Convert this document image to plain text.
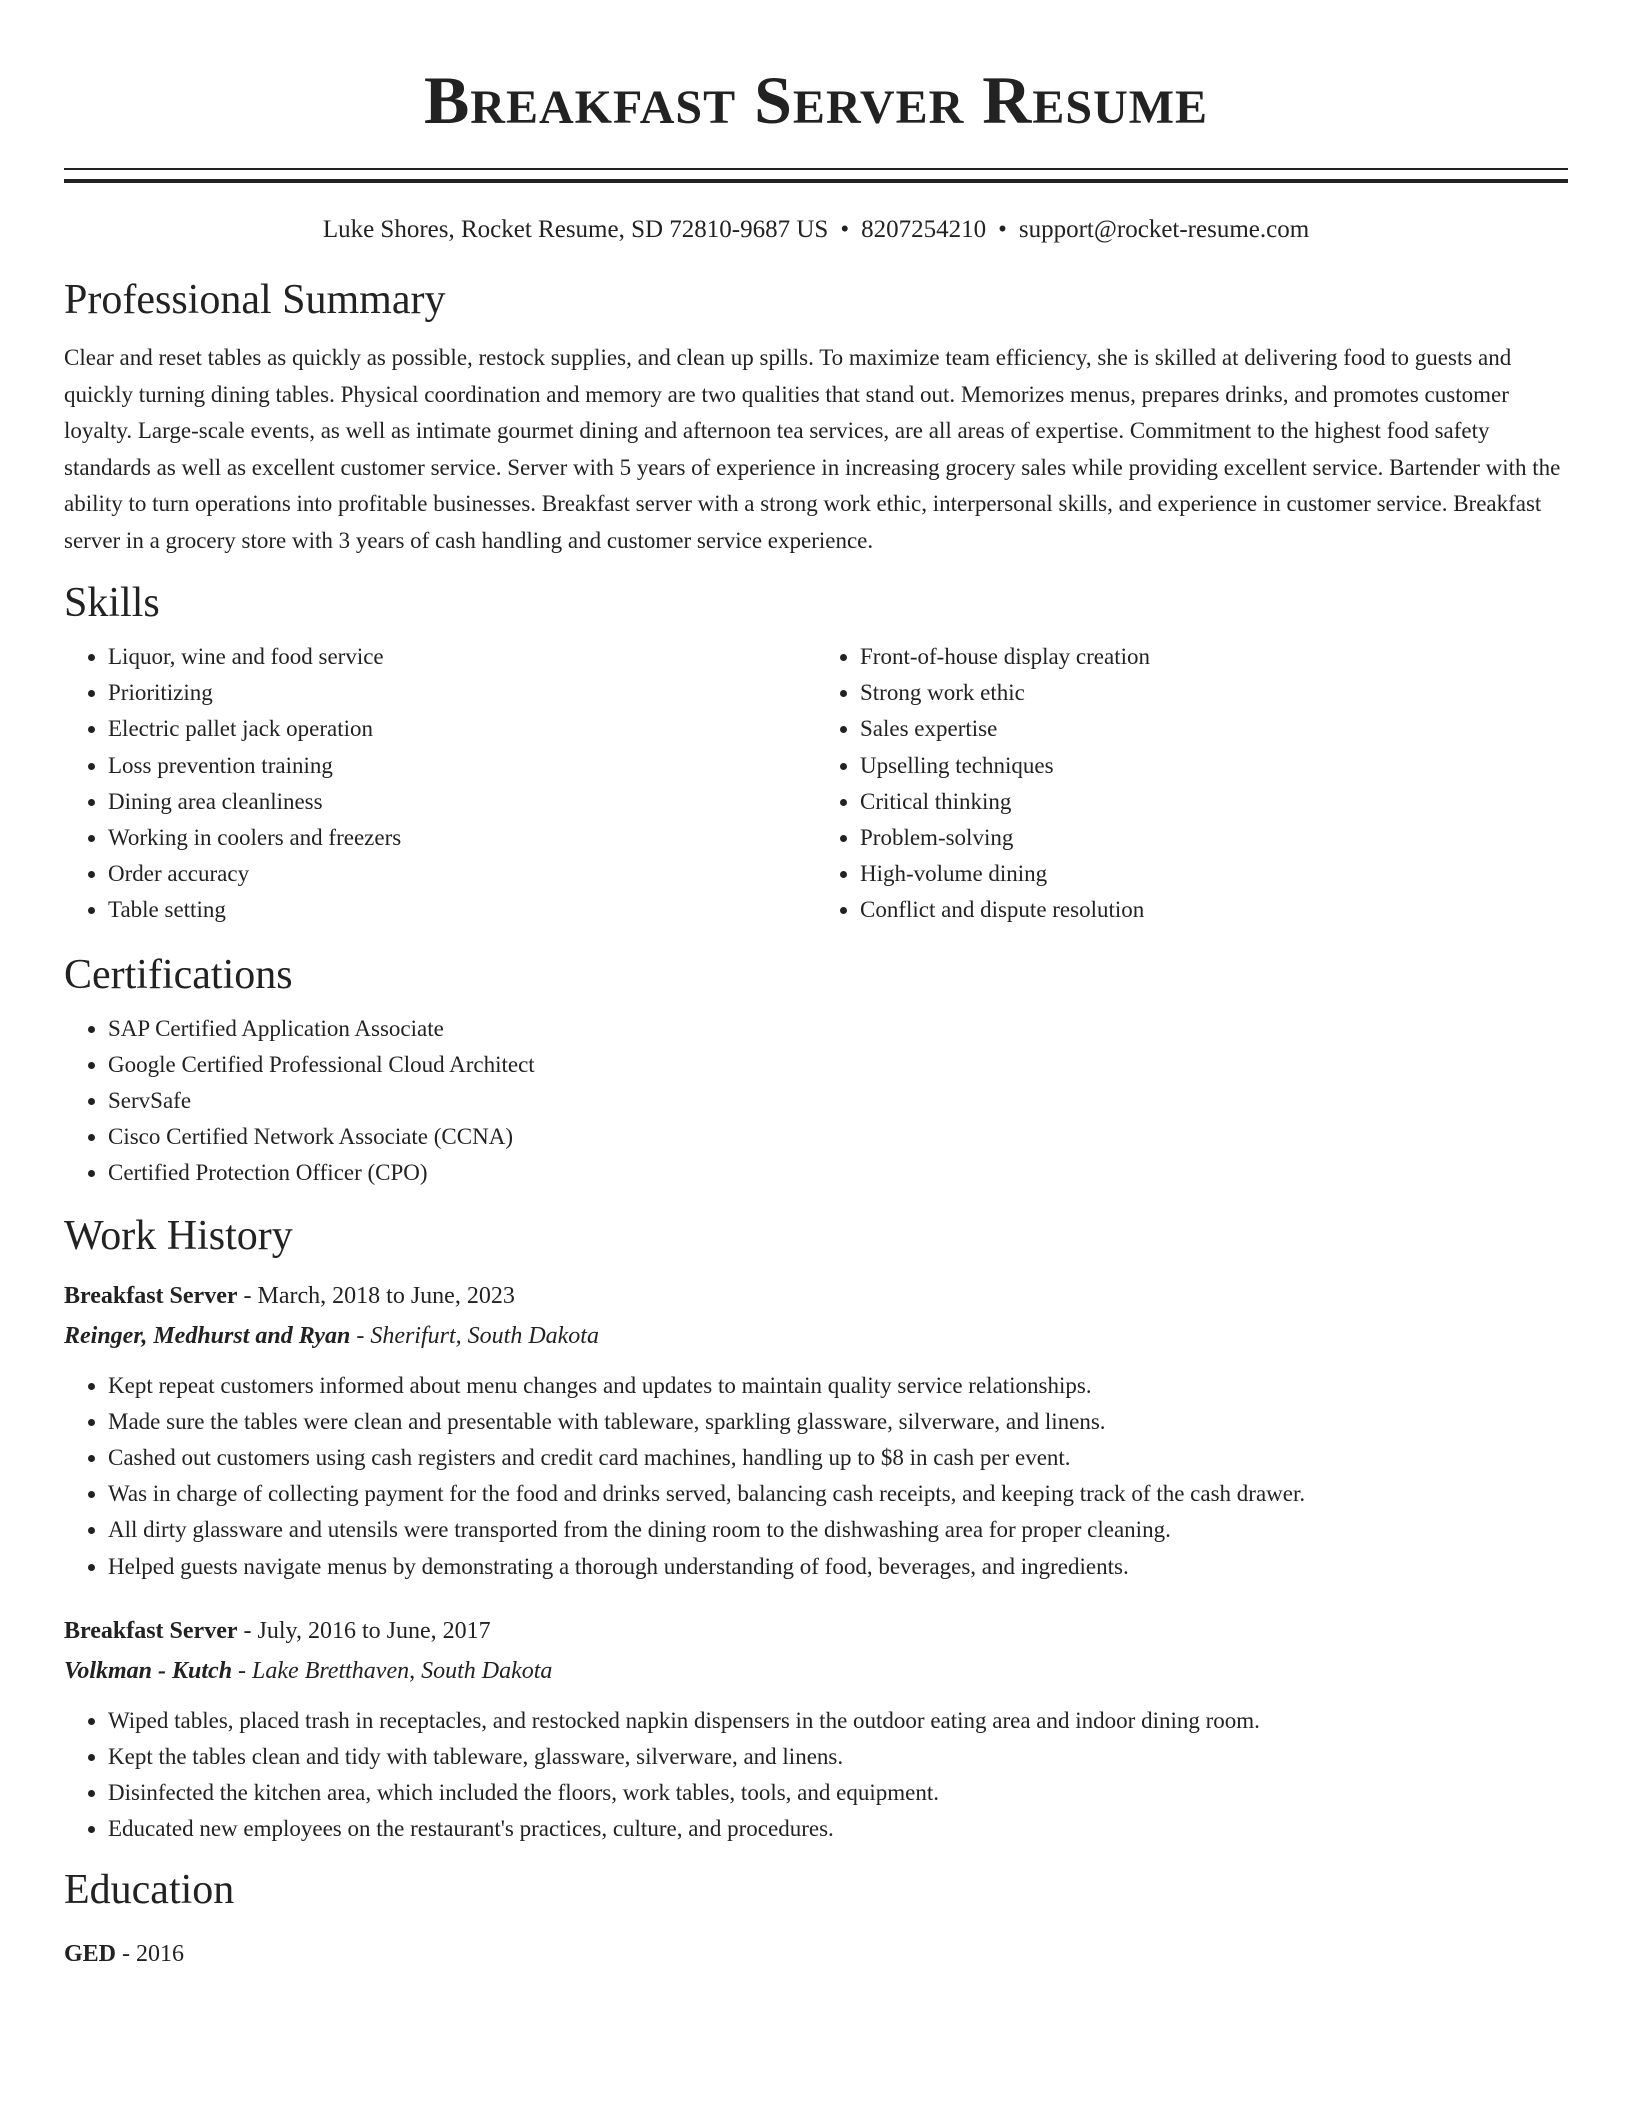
Breakfast Server Resume
Luke Shores, Rocket Resume, SD 72810-9687 US • 8207254210 • support@rocket-resume.com
Professional Summary

Clear and reset tables as quickly as possible, restock supplies, and clean up spills. To maximize team efficiency, she is skilled at delivering food to guests and quickly turning dining tables. Physical coordination and memory are two qualities that stand out. Memorizes menus, prepares drinks, and promotes customer loyalty. Large-scale events, as well as intimate gourmet dining and afternoon tea services, are all areas of expertise. Commitment to the highest food safety standards as well as excellent customer service. Server with 5 years of experience in increasing grocery sales while providing excellent service. Bartender with the ability to turn operations into profitable businesses. Breakfast server with a strong work ethic, interpersonal skills, and experience in customer service. Breakfast server in a grocery store with 3 years of cash handling and customer service experience.

Skills
• Liquor, wine and food service
• Prioritizing
• Electric pallet jack operation
• Loss prevention training
• Dining area cleanliness
• Working in coolers and freezers
• Order accuracy
• Table setting
• Front-of-house display creation
• Strong work ethic
• Sales expertise
• Upselling techniques
• Critical thinking
• Problem-solving
• High-volume dining
• Conflict and dispute resolution
Certifications
• SAP Certified Application Associate
• Google Certified Professional Cloud Architect
• ServSafe
• Cisco Certified Network Associate (CCNA)
• Certified Protection Officer (CPO)
Work History
Breakfast Server - March, 2018 to June, 2023
Reinger, Medhurst and Ryan - Sherifurt, South Dakota
• Kept repeat customers informed about menu changes and updates to maintain quality service relationships.
• Made sure the tables were clean and presentable with tableware, sparkling glassware, silverware, and linens.
• Cashed out customers using cash registers and credit card machines, handling up to $8 in cash per event.
• Was in charge of collecting payment for the food and drinks served, balancing cash receipts, and keeping track of the cash drawer.
• All dirty glassware and utensils were transported from the dining room to the dishwashing area for proper cleaning.
• Helped guests navigate menus by demonstrating a thorough understanding of food, beverages, and ingredients.
Breakfast Server - July, 2016 to June, 2017
Volkman - Kutch - Lake Bretthaven, South Dakota
• Wiped tables, placed trash in receptacles, and restocked napkin dispensers in the outdoor eating area and indoor dining room.
• Kept the tables clean and tidy with tableware, glassware, silverware, and linens.
• Disinfected the kitchen area, which included the floors, work tables, tools, and equipment.
• Educated new employees on the restaurant's practices, culture, and procedures.
Education
GED - 2016
